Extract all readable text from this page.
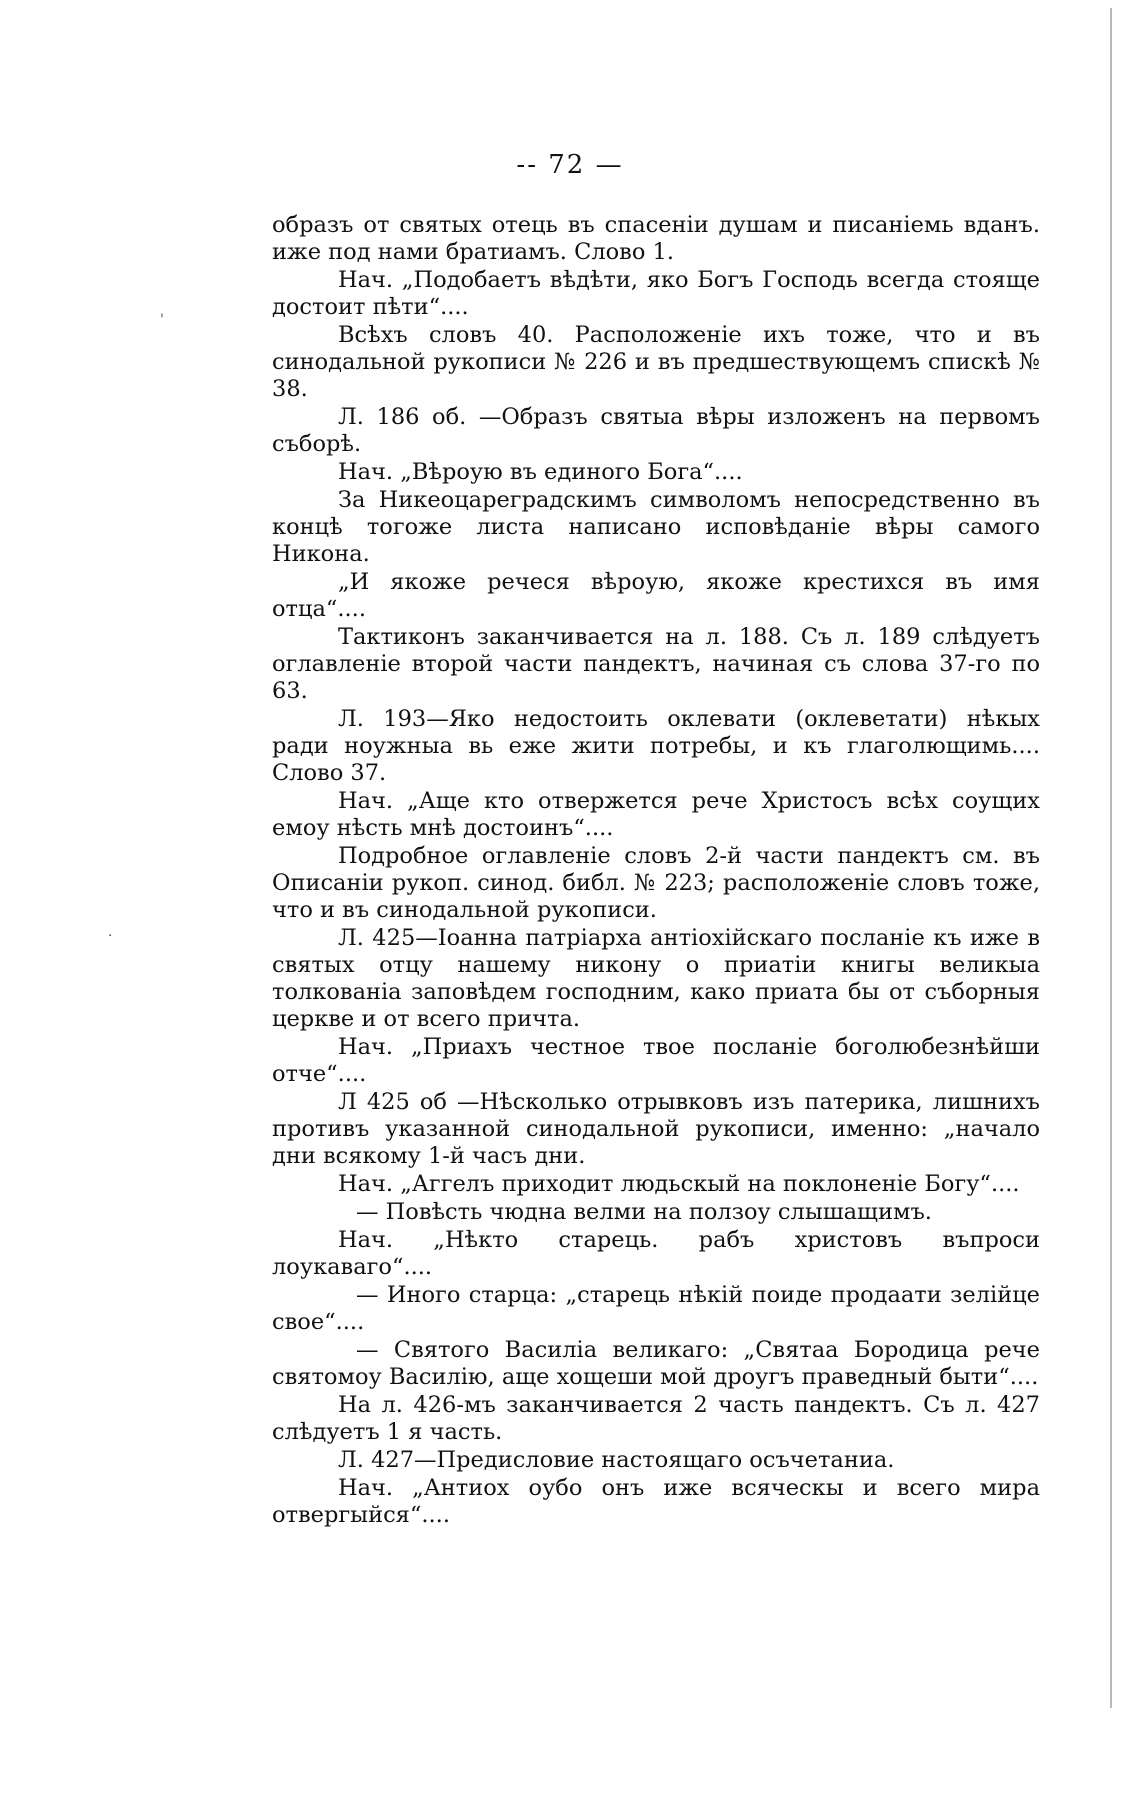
'
·
-- 72 —

образъ от святых отець въ спасеніи душам и писаніемь вданъ. иже под нами братиамъ. Слово 1.

Нач. „Подобаетъ вѣдѣти, яко Богъ Господь всегда стояще достоит пѣти“....

Всѣхъ словъ 40. Расположеніе ихъ тоже, что и въ синодальной рукописи № 226 и въ предшествующемъ спискѣ № 38.

Л. 186 об. —Образъ святыа вѣры изложенъ на первомъ съборѣ.

Нач. „Вѣроую въ единого Бога“....

За Никеоцареградскимъ символомъ непосредственно въ концѣ тогоже листа написано исповѣданіе вѣры самого Никона.

„И якоже речеся вѣроую, якоже крестихся въ имя отца“....

Тактиконъ заканчивается на л. 188. Съ л. 189 слѣдуетъ оглавленіе второй части пандектъ, начиная съ слова 37-го по 63.

Л. 193—Яко недостоить оклевати (оклеветати) нѣкых ради ноужныа вь еже жити потребы, и къ глаголющимь.... Слово 37.

Нач. „Аще кто отвержется рече Христосъ всѣх соущих емоу нѣсть мнѣ достоинъ“....

Подробное оглавленіе словъ 2-й части пандектъ см. въ Описаніи рукоп. синод. библ. № 223; расположеніе словъ тоже, что и въ синодальной рукописи.

Л. 425—Іоанна патріарха антіохійскаго посланіе къ иже в святых отцу нашему никону о приатіи книгы великыа толкованіа заповѣдем господним, како приата бы от съборныя церкве и от всего причта.

Нач. „Приахъ честное твое посланіе боголюбезнѣйши отче“....

Л 425 об —Нѣсколько отрывковъ изъ патерика, лишнихъ противъ указанной синодальной рукописи, именно: „начало дни всякому 1-й часъ дни.

Нач. „Аггелъ приходит людьскый на поклоненіе Богу“....

— Повѣсть чюдна велми на ползоу слышащимъ.

Нач. „Нѣкто старець. рабъ христовъ въпроси лоукаваго“....

— Иного старца: „старець нѣкій поиде продаати зелійце свое“....

— Святого Василіа великаго: „Святаа Бородица рече святомоу Василію, аще хощеши мой дроугъ праведный быти“....

На л. 426-мъ заканчивается 2 часть пандектъ. Съ л. 427 слѣдуетъ 1 я часть.

Л. 427—Предисловие настоящаго осъчетаниа.

Нач. „Антиох оубо онъ иже всяческы и всего мира отвергыйся“....
